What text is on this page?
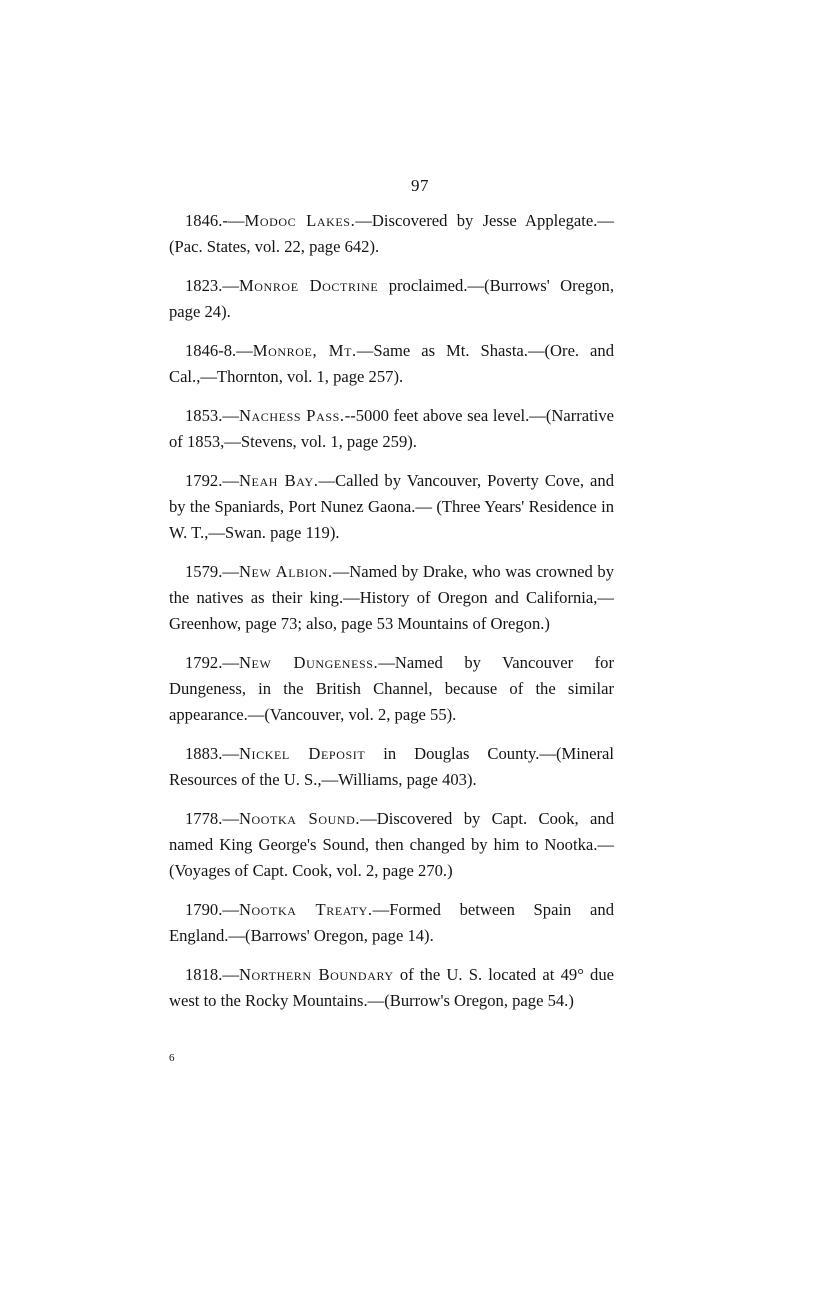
97

1846.-—Modoc Lakes.—Discovered by Jesse Applegate.—(Pac. States, vol. 22, page 642).

1823.—Monroe Doctrine proclaimed.—(Burrows' Oregon, page 24).

1846-8.—Monroe, Mt.—Same as Mt. Shasta.—(Ore. and Cal.,—Thornton, vol. 1, page 257).

1853.—Nachess Pass.--5000 feet above sea level.—(Narrative of 1853,—Stevens, vol. 1, page 259).

1792.—Neah Bay.—Called by Vancouver, Poverty Cove, and by the Spaniards, Port Nunez Gaona.— (Three Years' Residence in W. T.,—Swan. page 119).

1579.—New Albion.—Named by Drake, who was crowned by the natives as their king.—History of Oregon and California,—Greenhow, page 73; also, page 53 Mountains of Oregon.)

1792.—New Dungeness.—Named by Vancouver for Dungeness, in the British Channel, because of the similar appearance.—(Vancouver, vol. 2, page 55).

1883.—Nickel Deposit in Douglas County.—(Mineral Resources of the U. S.,—Williams, page 403).

1778.—Nootka Sound.—Discovered by Capt. Cook, and named King George's Sound, then changed by him to Nootka.—(Voyages of Capt. Cook, vol. 2, page 270.)

1790.—Nootka Treaty.—Formed between Spain and England.—(Barrows' Oregon, page 14).

1818.—Northern Boundary of the U. S. located at 49° due west to the Rocky Mountains.—(Burrow's Oregon, page 54.)

6
